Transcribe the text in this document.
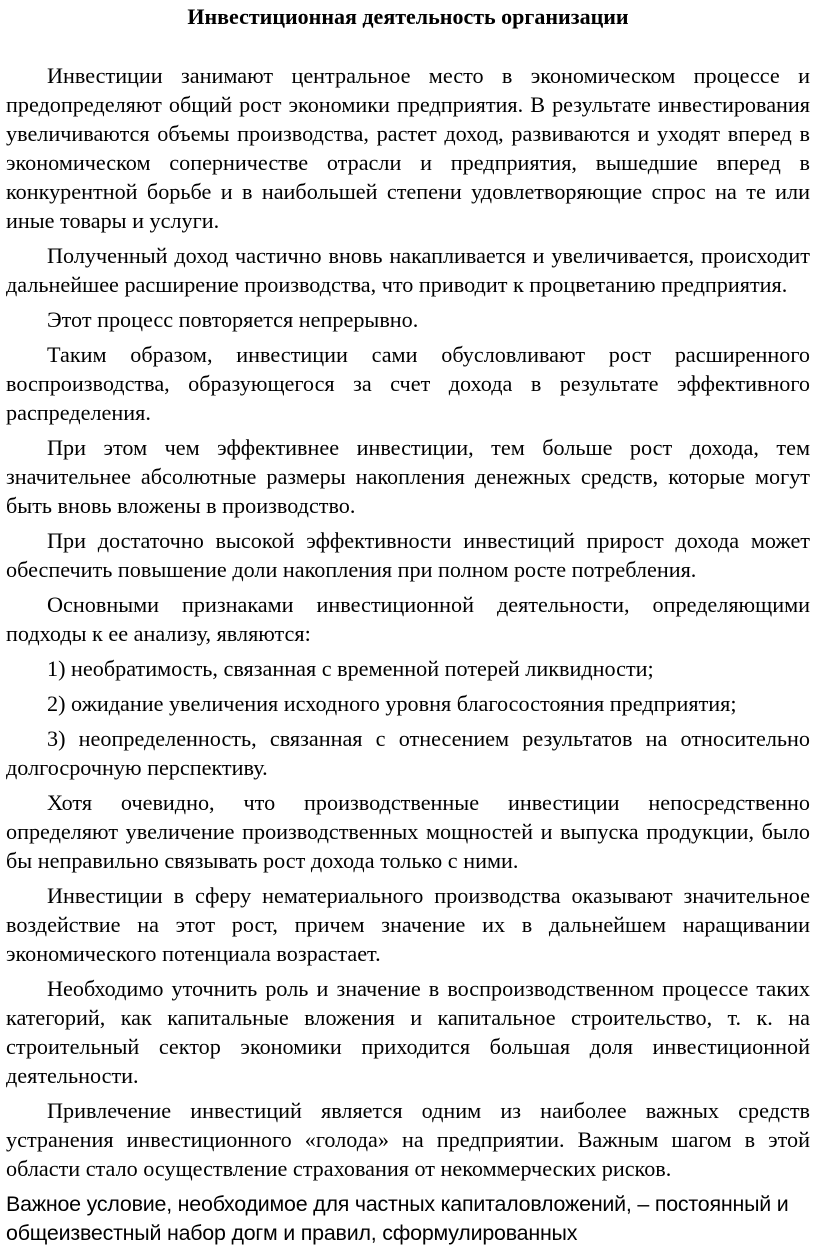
Инвестиционная деятельность организации

Инвестиции занимают центральное место в экономическом процессе и предопределяют общий рост экономики предприятия. В результате инвестирования увеличиваются объемы производства, растет доход, развиваются и уходят вперед в экономическом соперничестве отрасли и предприятия, вышедшие вперед в конкурентной борьбе и в наибольшей степени удовлетворяющие спрос на те или иные товары и услуги.

Полученный доход частично вновь накапливается и увеличивается, происходит дальнейшее расширение производства, что приводит к процветанию предприятия.

Этот процесс повторяется непрерывно.

Таким образом, инвестиции сами обусловливают рост расширенного воспроизводства, образующегося за счет дохода в результате эффективного распределения.

При этом чем эффективнее инвестиции, тем больше рост дохода, тем значительнее абсолютные размеры накопления денежных средств, которые могут быть вновь вложены в производство.

При достаточно высокой эффективности инвестиций прирост дохода может обеспечить повышение доли накопления при полном росте потребления.

Основными признаками инвестиционной деятельности, определяющими подходы к ее анализу, являются:

1) необратимость, связанная с временной потерей ликвидности;

2) ожидание увеличения исходного уровня благосостояния предприятия;

3) неопределенность, связанная с отнесением результатов на относительно долгосрочную перспективу.

Хотя очевидно, что производственные инвестиции непосредственно определяют увеличение производственных мощностей и выпуска продукции, было бы неправильно связывать рост дохода только с ними.

Инвестиции в сферу нематериального производства оказывают значительное воздействие на этот рост, причем значение их в дальнейшем наращивании экономического потенциала возрастает.

Необходимо уточнить роль и значение в воспроизводственном процессе таких категорий, как капитальные вложения и капитальное строительство, т. к. на строительный сектор экономики приходится большая доля инвестиционной деятельности.

Привлечение инвестиций является одним из наиболее важных средств устранения инвестиционного «голода» на предприятии. Важным шагом в этой области стало осуществление страхования от некоммерческих рисков.

Важное условие, необходимое для частных капиталовложений, – постоянный и общеизвестный набор догм и правил, сформулированных
